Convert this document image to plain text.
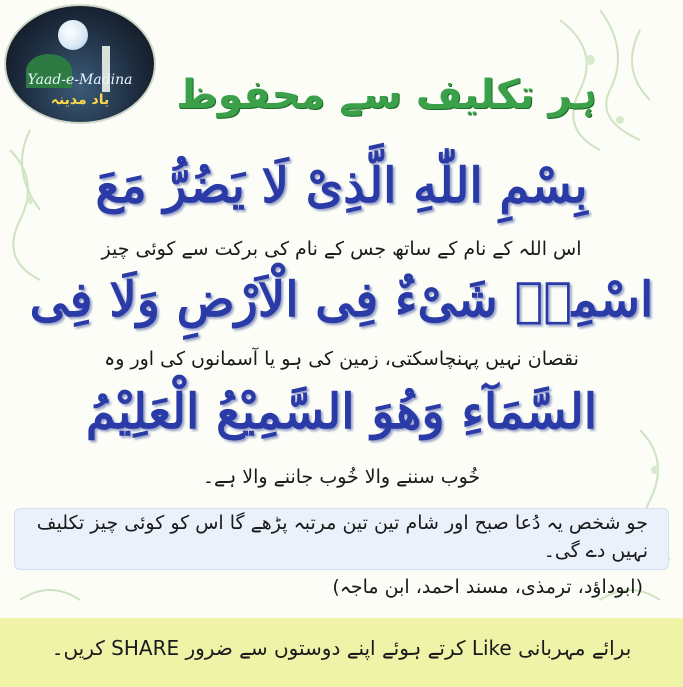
Yaad-e-Madina
یاد مدینہ	ہر تکلیف سے محفوظ
بِسْمِ اللّٰهِ الَّذِیْ لَا یَضُرُّ مَعَ
اس اللہ کے نام کے ساتھ جس کے نام کی برکت سے کوئی چیز
اسْمِهٖ شَیْءٌ فِی الْاَرْضِ وَلَا فِی
نقصان نہیں پہنچاسکتی، زمین کی ہو یا آسمانوں کی اور وہ
السَّمَآءِ وَهُوَ السَّمِیْعُ الْعَلِیْمُ
خُوب سننے والا خُوب جاننے والا ہے۔
جو شخص یہ دُعا صبح اور شام تین تین مرتبہ پڑھے گا اس کو کوئی چیز تکلیف نہیں دے گی۔
(ابوداؤد، ترمذی، مسند احمد، ابن ماجہ)
برائے مہربانی Like کرتے ہوئے اپنے دوستوں سے ضرور SHARE کریں۔
